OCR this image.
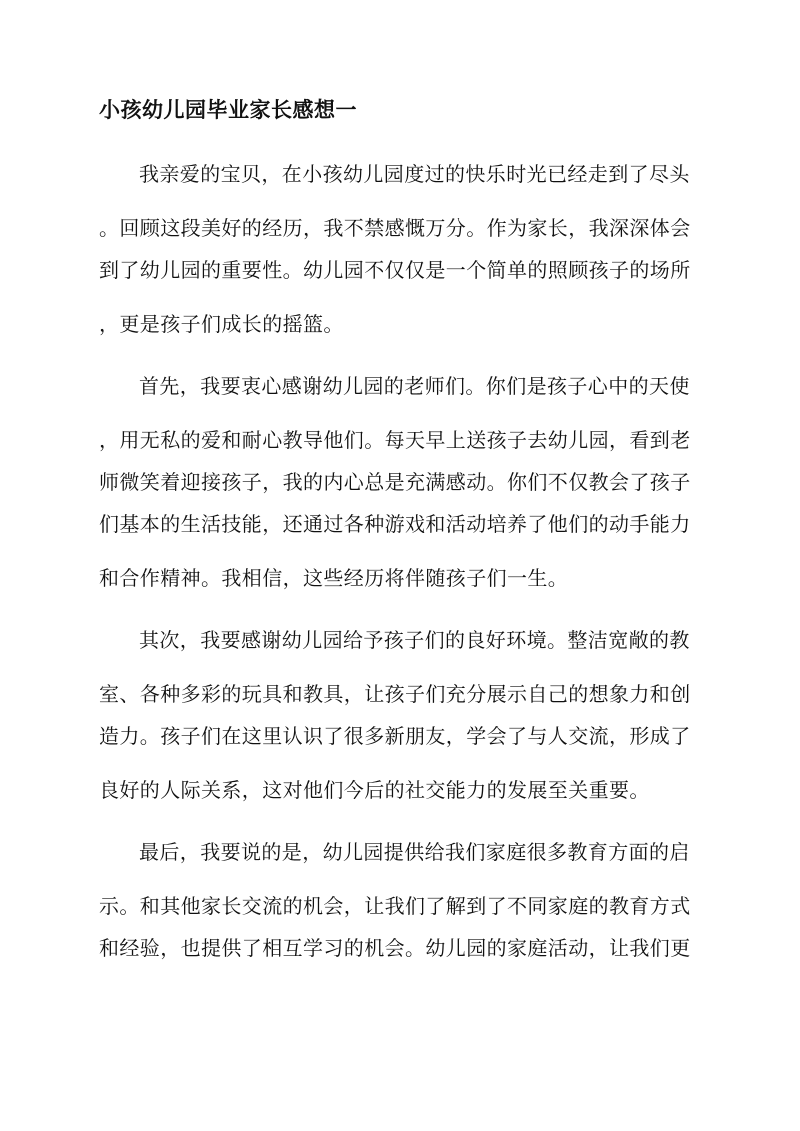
小孩幼儿园毕业家长感想一
我亲爱的宝贝，在小孩幼儿园度过的快乐时光已经走到了尽头
。回顾这段美好的经历，我不禁感慨万分。作为家长，我深深体会
到了幼儿园的重要性。幼儿园不仅仅是一个简单的照顾孩子的场所
，更是孩子们成长的摇篮。
首先，我要衷心感谢幼儿园的老师们。你们是孩子心中的天使
，用无私的爱和耐心教导他们。每天早上送孩子去幼儿园，看到老
师微笑着迎接孩子，我的内心总是充满感动。你们不仅教会了孩子
们基本的生活技能，还通过各种游戏和活动培养了他们的动手能力
和合作精神。我相信，这些经历将伴随孩子们一生。
其次，我要感谢幼儿园给予孩子们的良好环境。整洁宽敞的教
室、各种多彩的玩具和教具，让孩子们充分展示自己的想象力和创
造力。孩子们在这里认识了很多新朋友，学会了与人交流，形成了
良好的人际关系，这对他们今后的社交能力的发展至关重要。
最后，我要说的是，幼儿园提供给我们家庭很多教育方面的启
示。和其他家长交流的机会，让我们了解到了不同家庭的教育方式
和经验，也提供了相互学习的机会。幼儿园的家庭活动，让我们更
